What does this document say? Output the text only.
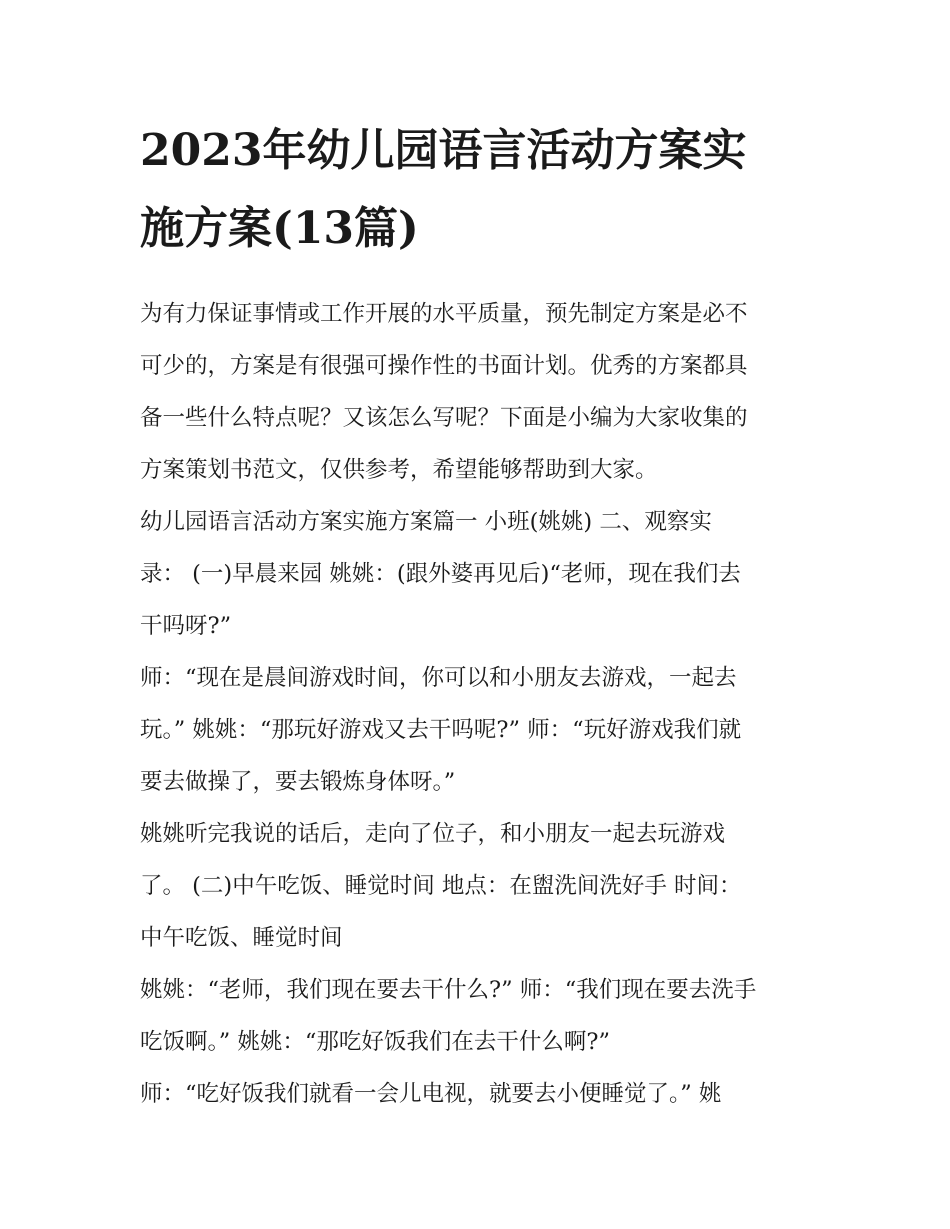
2023年幼儿园语言活动方案实
施方案(13篇)
为有力保证事情或工作开展的水平质量，预先制定方案是必不
可少的，方案是有很强可操作性的书面计划。优秀的方案都具
备一些什么特点呢？又该怎么写呢？下面是小编为大家收集的
方案策划书范文，仅供参考，希望能够帮助到大家。
幼儿园语言活动方案实施方案篇一 小班(姚姚) 二、观察实
录： (一)早晨来园 姚姚：(跟外婆再见后)“老师，现在我们去
干吗呀?”
师：“现在是晨间游戏时间，你可以和小朋友去游戏，一起去
玩。” 姚姚：“那玩好游戏又去干吗呢?” 师：“玩好游戏我们就
要去做操了，要去锻炼身体呀。”
姚姚听完我说的话后，走向了位子，和小朋友一起去玩游戏
了。 (二)中午吃饭、睡觉时间 地点：在盥洗间洗好手 时间：
中午吃饭、睡觉时间
姚姚：“老师，我们现在要去干什么?” 师：“我们现在要去洗手
吃饭啊。” 姚姚：“那吃好饭我们在去干什么啊?”
师：“吃好饭我们就看一会儿电视，就要去小便睡觉了。” 姚
